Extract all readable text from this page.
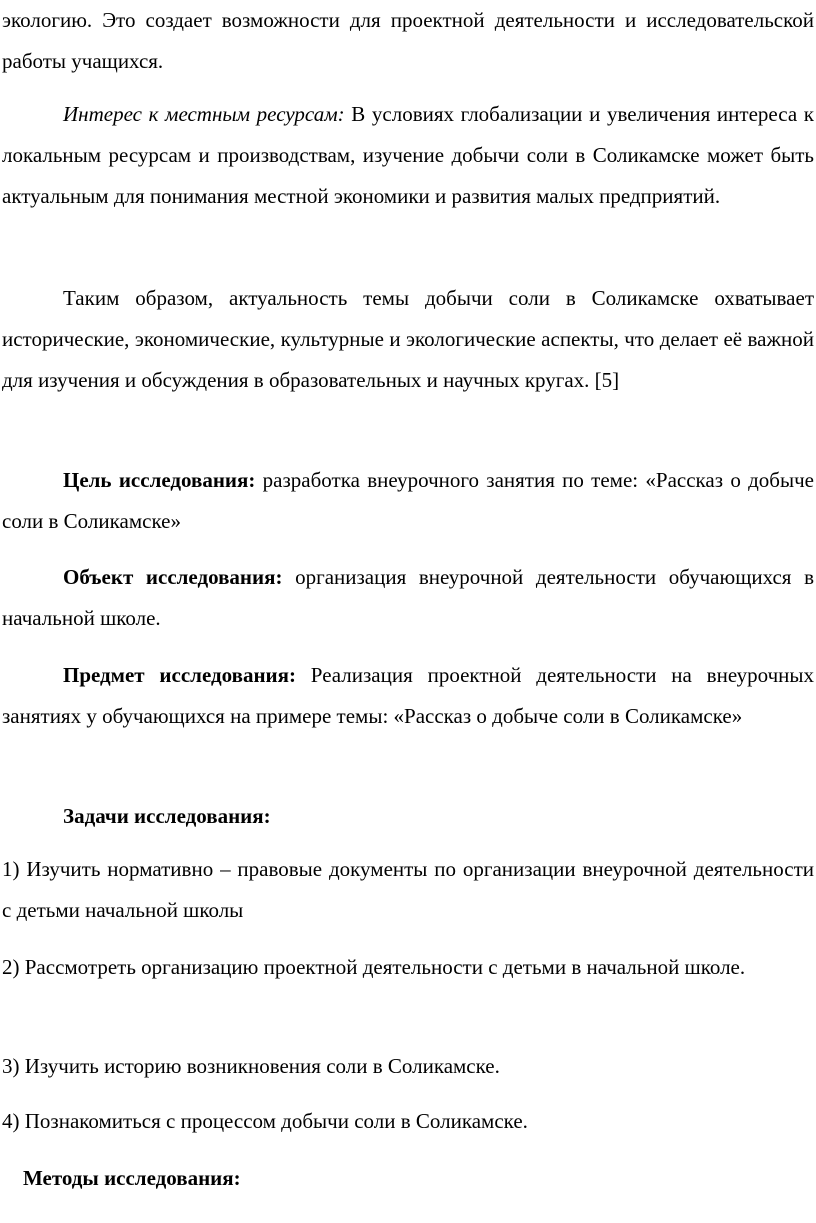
экологию. Это создает возможности для проектной деятельности и исследовательской работы учащихся.

Интерес к местным ресурсам: В условиях глобализации и увеличения интереса к локальным ресурсам и производствам, изучение добычи соли в Соликамске может быть актуальным для понимания местной экономики и развития малых предприятий.

Таким образом, актуальность темы добычи соли в Соликамске охватывает исторические, экономические, культурные и экологические аспекты, что делает её важной для изучения и обсуждения в образовательных и научных кругах. [5]

Цель исследования: разработка внеурочного занятия по теме: «Рассказ о добыче соли в Соликамске»

Объект исследования: организация внеурочной деятельности обучающихся в начальной школе.

Предмет исследования: Реализация проектной деятельности на внеурочных занятиях у обучающихся на примере темы: «Рассказ о добыче соли в Соликамске»

Задачи исследования:

1) Изучить нормативно – правовые документы по организации внеурочной деятельности с детьми начальной школы

2) Рассмотреть организацию проектной деятельности с детьми в начальной школе.

3) Изучить историю возникновения соли в Соликамске.

4) Познакомиться с процессом добычи соли в Соликамске.

Методы исследования:
